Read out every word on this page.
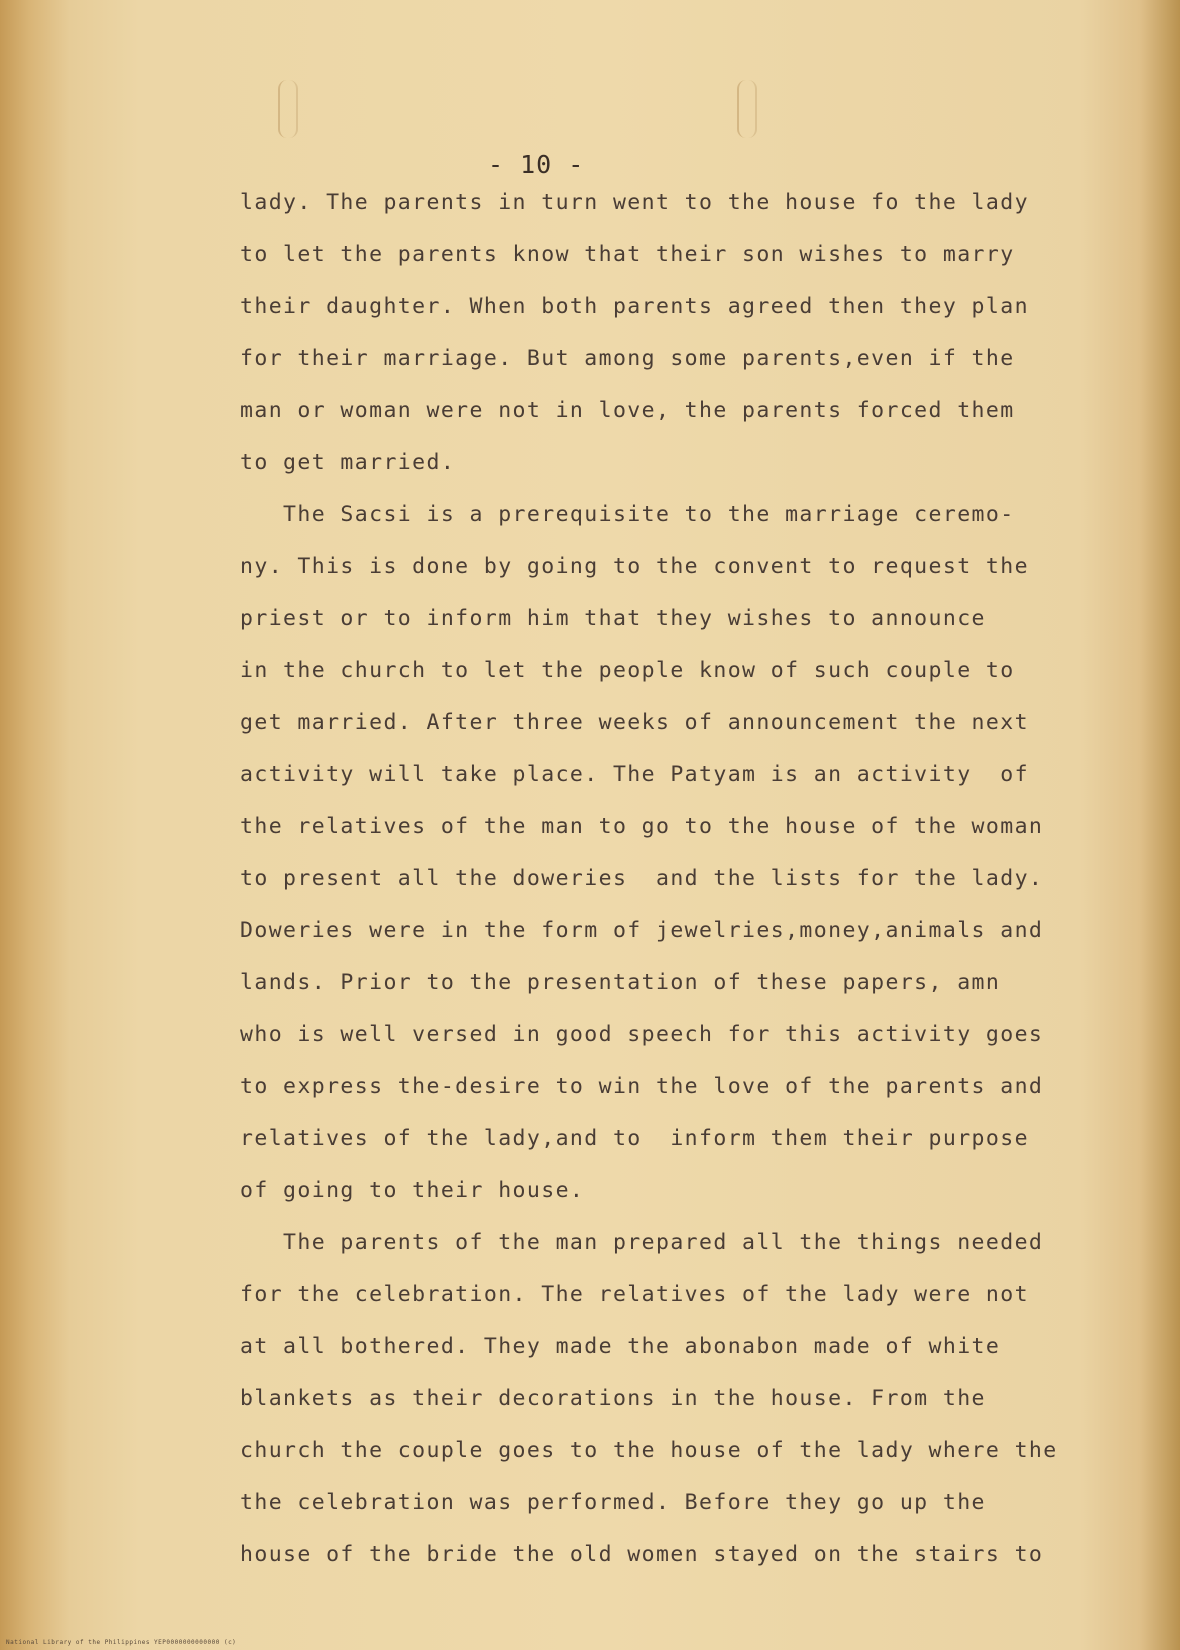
- 10 -
lady. The parents in turn went to the house fo the lady
to let the parents know that their son wishes to marry
their daughter. When both parents agreed then they plan
for their marriage. But among some parents,even if the
man or woman were not in love, the parents forced them
to get married.
The Sacsi is a prerequisite to the marriage ceremo-
ny. This is done by going to the convent to request the
priest or to inform him that they wishes to announce
in the church to let the people know of such couple to
get married. After three weeks of announcement the next
activity will take place. The Patyam is an activity  of
the relatives of the man to go to the house of the woman
to present all the doweries  and the lists for the lady.
Doweries were in the form of jewelries,money,animals and
lands. Prior to the presentation of these papers, amn
who is well versed in good speech for this activity goes
to express the-desire to win the love of the parents and
relatives of the lady,and to  inform them their purpose
of going to their house.
The parents of the man prepared all the things needed
for the celebration. The relatives of the lady were not
at all bothered. They made the abonabon made of white
blankets as their decorations in the house. From the
church the couple goes to the house of the lady where the
the celebration was performed. Before they go up the
house of the bride the old women stayed on the stairs to
National Library of the Philippines YEP0000000000000 (c)
